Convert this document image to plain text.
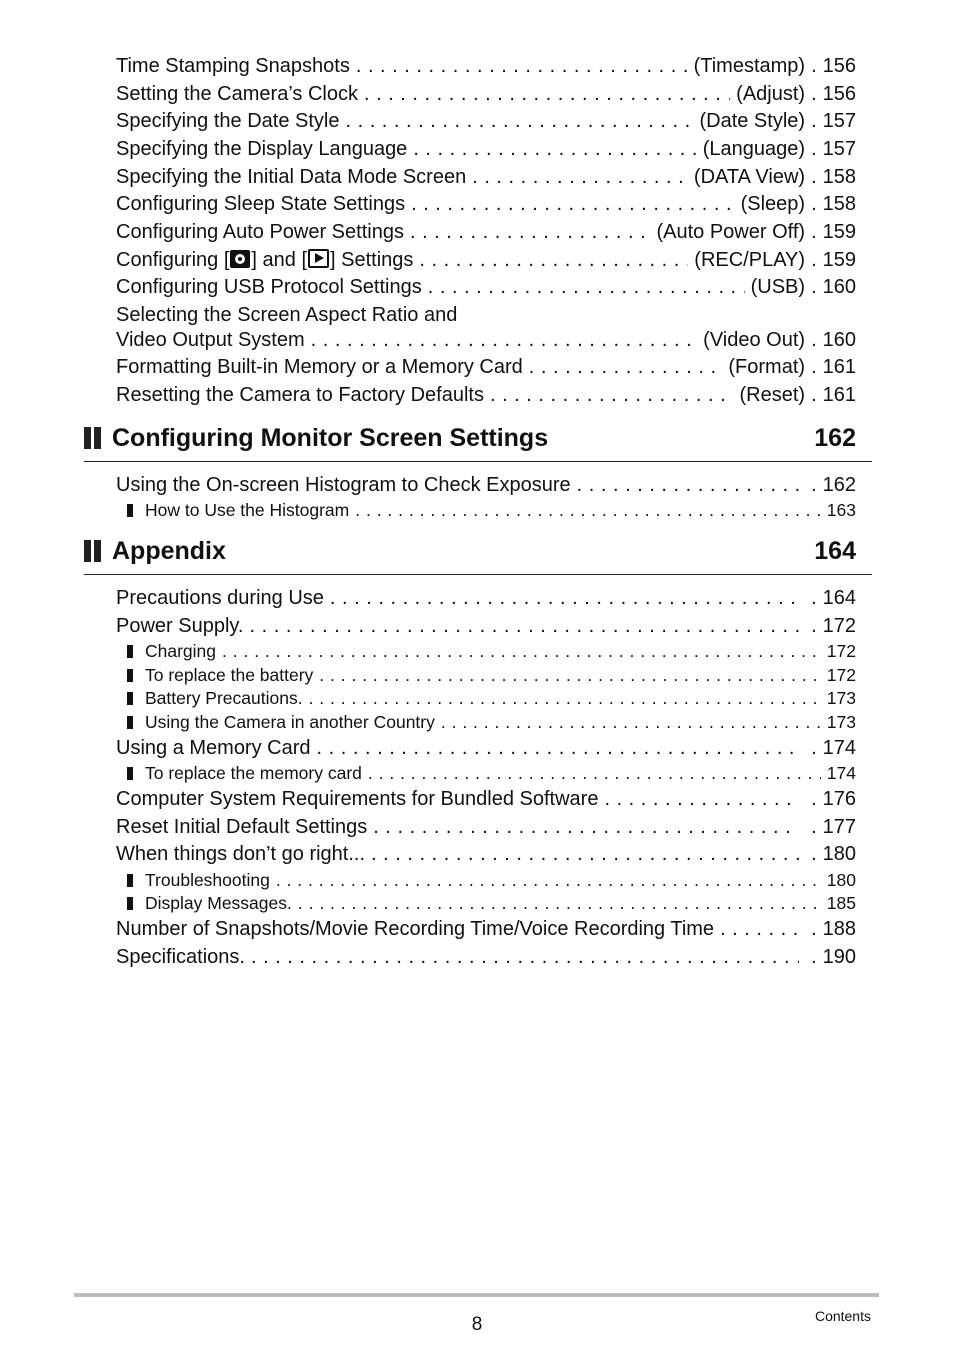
Time Stamping Snapshots . . .	(Timestamp) . 156
Setting the Camera’s Clock . . .	(Adjust) . 156
Specifying the Date Style . . .	(Date Style) . 157
Specifying the Display Language . . .	(Language) . 157
Specifying the Initial Data Mode Screen . . .	(DATA View) . 158
Configuring Sleep State Settings . . .	(Sleep) . 158
Configuring Auto Power Settings . . .	(Auto Power Off) . 159
Configuring [ ] and [ ] Settings . . .	(REC/PLAY) . 159
Configuring USB Protocol Settings . . .	(USB) . 160
Selecting the Screen Aspect Ratio and
Video Output System . . .	(Video Out) . 160
Formatting Built-in Memory or a Memory Card . . .	(Format) . 161
Resetting the Camera to Factory Defaults . . .	(Reset) . 161
Configuring Monitor Screen Settings	162
Using the On-screen Histogram to Check Exposure . . .	. 162
How to Use the Histogram . . .	163
Appendix	164
Precautions during Use . . .	. 164
Power Supply. . . .	. 172
Charging . . .	172
To replace the battery . . .	172
Battery Precautions. . . .	173
Using the Camera in another Country . . .	173
Using a Memory Card . . .	. 174
To replace the memory card . . .	174
Computer System Requirements for Bundled Software . . .	. 176
Reset Initial Default Settings . . .	. 177
When things don’t go right... . . .	. 180
Troubleshooting . . .	180
Display Messages. . . .	185
Number of Snapshots/Movie Recording Time/Voice Recording Time . . .	. 188
Specifications. . . .	. 190
8	Contents
